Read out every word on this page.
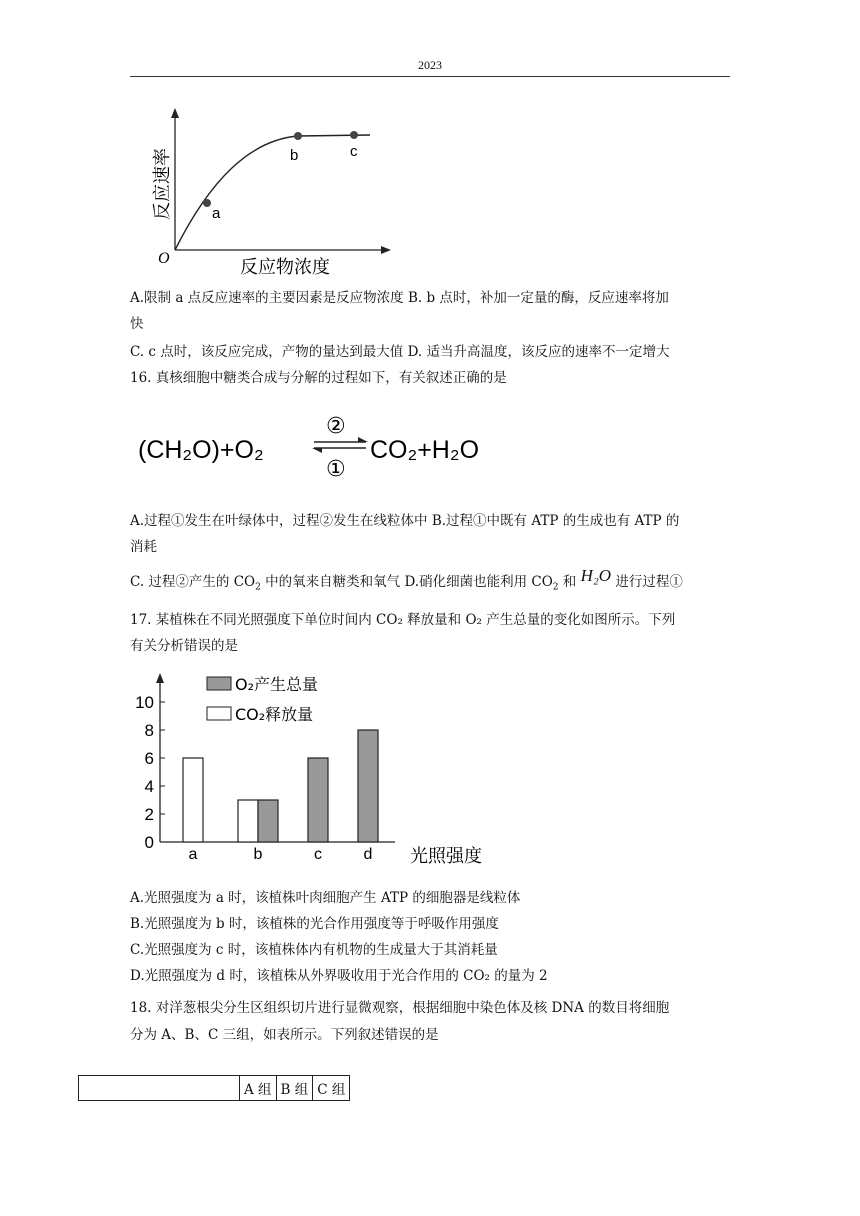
2023
a
b	c
O
反应速率
反应物浓度
A.限制 a 点反应速率的主要因素是反应物浓度 B. b 点时，补加一定量的酶，反应速率将加
快
C. c 点时，该反应完成，产物的量达到最大值 D. 适当升高温度，该反应的速率不一定增大
16. 真核细胞中糖类合成与分解的过程如下，有关叙述正确的是
(CH₂O)+O₂	CO₂+H₂O
②
①
A.过程①发生在叶绿体中，过程②发生在线粒体中 B.过程①中既有 ATP 的生成也有 ATP 的
消耗
C. 过程②产生的 $CO_2$ 中的氧来自糖类和氧气 D.硝化细菌也能利用 $CO_2$ 和 H₂O 进行过程①
17. 某植株在不同光照强度下单位时间内 CO₂ 释放量和 O₂ 产生总量的变化如图所示。下列
有关分析错误的是
0
2
4
6
8
10
a	b	c	d 光照强度
O₂产生总量
CO₂释放量
A.光照强度为 a 时，该植株叶肉细胞产生 ATP 的细胞器是线粒体
B.光照强度为 b 时，该植株的光合作用强度等于呼吸作用强度
C.光照强度为 c 时，该植株体内有机物的生成量大于其消耗量
D.光照强度为 d 时，该植株从外界吸收用于光合作用的 CO₂ 的量为 2
18. 对洋葱根尖分生区组织切片进行显微观察，根据细胞中染色体及核 DNA 的数目将细胞
分为 A、B、C 三组，如表所示。下列叙述错误的是
	A 组	B 组	C 组
